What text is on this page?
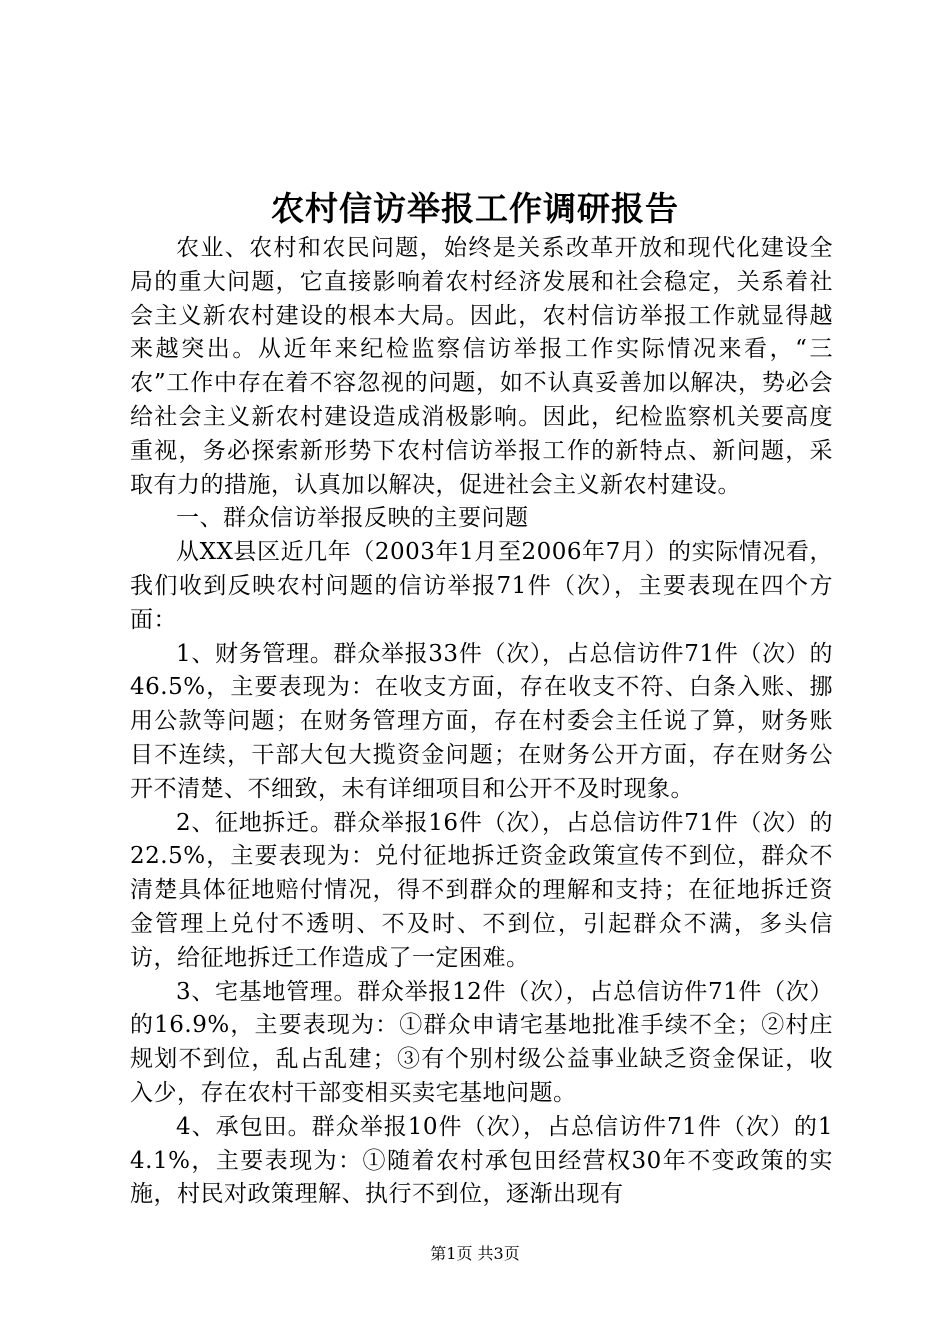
农村信访举报工作调研报告

农业、农村和农民问题，始终是关系改革开放和现代化建设全局的重大问题，它直接影响着农村经济发展和社会稳定，关系着社会主义新农村建设的根本大局。因此，农村信访举报工作就显得越来越突出。从近年来纪检监察信访举报工作实际情况来看，“三农”工作中存在着不容忽视的问题，如不认真妥善加以解决，势必会给社会主义新农村建设造成消极影响。因此，纪检监察机关要高度重视，务必探索新形势下农村信访举报工作的新特点、新问题，采取有力的措施，认真加以解决，促进社会主义新农村建设。

一、群众信访举报反映的主要问题

从XX县区近几年（2003年1月至2006年7月）的实际情况看，我们收到反映农村问题的信访举报71件（次），主要表现在四个方面：

1、财务管理。群众举报33件（次），占总信访件71件（次）的46.5%，主要表现为：在收支方面，存在收支不符、白条入账、挪用公款等问题；在财务管理方面，存在村委会主任说了算，财务账目不连续，干部大包大揽资金问题；在财务公开方面，存在财务公开不清楚、不细致，未有详细项目和公开不及时现象。

2、征地拆迁。群众举报16件（次），占总信访件71件（次）的22.5%，主要表现为：兑付征地拆迁资金政策宣传不到位，群众不清楚具体征地赔付情况，得不到群众的理解和支持；在征地拆迁资金管理上兑付不透明、不及时、不到位，引起群众不满，多头信访，给征地拆迁工作造成了一定困难。

3、宅基地管理。群众举报12件（次），占总信访件71件（次）的16.9%，主要表现为：①群众申请宅基地批准手续不全；②村庄规划不到位，乱占乱建；③有个别村级公益事业缺乏资金保证，收入少，存在农村干部变相买卖宅基地问题。

4、承包田。群众举报10件（次），占总信访件71件（次）的14.1%，主要表现为：①随着农村承包田经营权30年不变政策的实施，村民对政策理解、执行不到位，逐渐出现有

第1页 共3页
